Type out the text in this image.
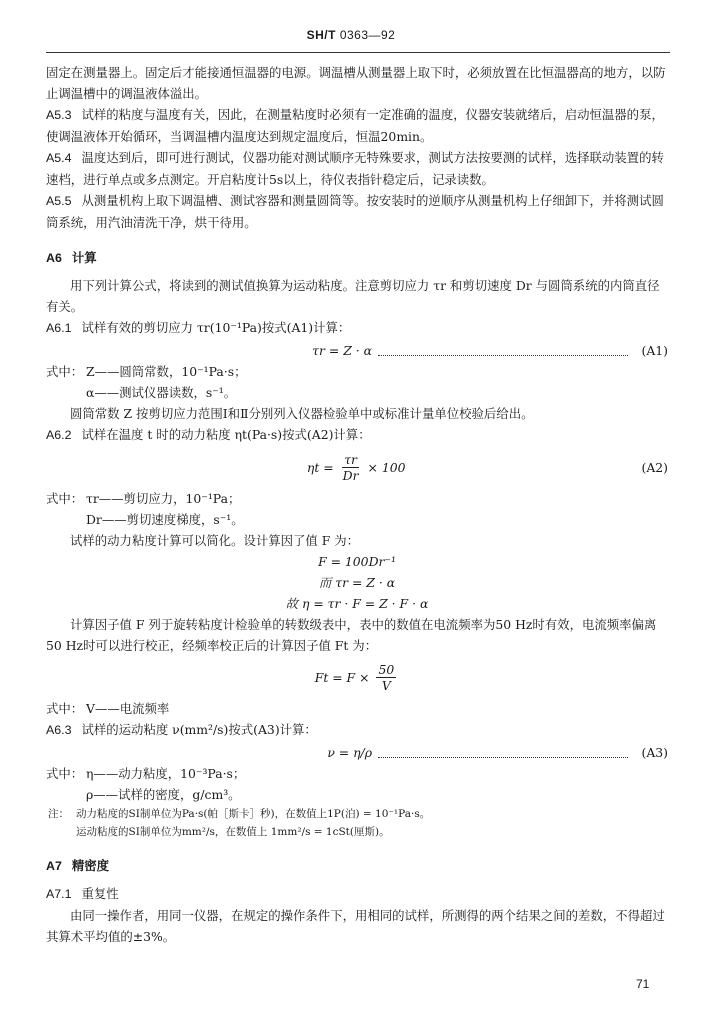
SH/T 0363—92

固定在测量器上。固定后才能接通恒温器的电源。调温槽从测量器上取下时，必须放置在比恒温器高的地方，以防止调温槽中的调温液体溢出。

A5.3 试样的粘度与温度有关，因此，在测量粘度时必须有一定准确的温度，仪器安装就绪后，启动恒温器的泵，使调温液体开始循环，当调温槽内温度达到规定温度后，恒温20min。

A5.4 温度达到后，即可进行测试，仪器功能对测试顺序无特殊要求，测试方法按要测的试样，选择联动装置的转速档，进行单点或多点测定。开启粘度计5s以上，待仪表指针稳定后，记录读数。

A5.5 从测量机构上取下调温槽、测试容器和测量圆筒等。按安装时的逆顺序从测量机构上仔细卸下，并将测试圆筒系统，用汽油清洗干净，烘干待用。

A6 计算

用下列计算公式，将读到的测试值换算为运动粘度。注意剪切应力 τr 和剪切速度 Dr 与圆筒系统的内筒直径有关。

A6.1 试样有效的剪切应力 τr(10⁻¹Pa)按式(A1)计算：

τr = Z · α	(A1)

式中： Z——圆筒常数，10⁻¹Pa·s；

α——测试仪器读数，s⁻¹。

圆筒常数 Z 按剪切应力范围Ⅰ和Ⅱ分别列入仪器检验单中或标准计量单位校验后给出。

A6.2 试样在温度 t 时的动力粘度 ηt(Pa·s)按式(A2)计算：

$\eta t = \frac{\tau r}{Dr} \times 100$	(A2)

式中： τr——剪切应力，10⁻¹Pa；

Dr——剪切速度梯度，s⁻¹。

试样的动力粘度计算可以简化。设计算因了值 F 为：

F = 100Dr⁻¹

而 τr = Z · α

故 η = τr · F = Z · F · α

计算因子值 F 列于旋转粘度计检验单的转数级表中，表中的数值在电流频率为50 Hz时有效，电流频率偏离50 Hz时可以进行校正，经频率校正后的计算因子值 Ft 为：

$Ft = F \times \frac{50}{V}$

式中： V——电流频率

A6.3 试样的运动粘度 ν(mm²/s)按式(A3)计算：

ν = η/ρ	(A3)

式中： η——动力粘度，10⁻³Pa·s；

ρ——试样的密度，g/cm³。

注： 动力粘度的SI制单位为Pa·s(帕［斯卡］秒)，在数值上1P(泊) = 10⁻¹Pa·s。

运动粘度的SI制单位为mm²/s，在数值上 1mm²/s = 1cSt(厘斯)。

A7 精密度

A7.1 重复性

由同一操作者，用同一仪器，在规定的操作条件下，用相同的试样，所测得的两个结果之间的差数，不得超过其算术平均值的±3%。

71
